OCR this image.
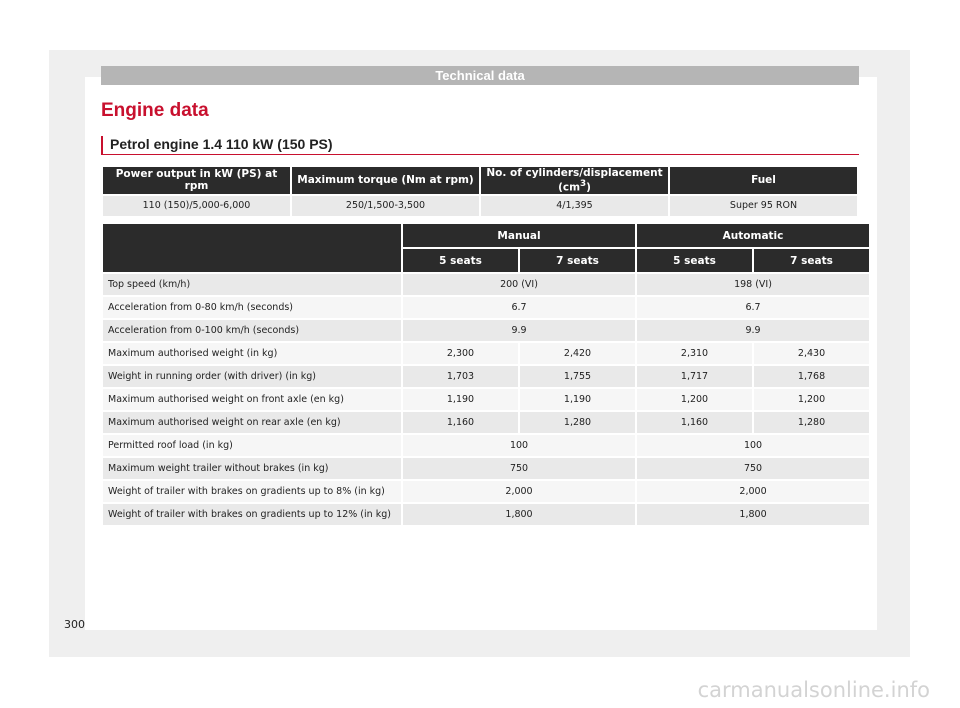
Technical data
Engine data
Petrol engine 1.4 110 kW (150 PS)
Power output in kW (PS) at rpm	Maximum torque (Nm at rpm)	No. of cylinders/displacement $(cm^3)$	Fuel
110 (150)/5,000-6,000	250/1,500-3,500	4/1,395	Super 95 RON
	Manual		Automatic	
	5 seats	7 seats	5 seats	7 seats
Top speed (km/h)	200 (VI)		198 (VI)	
Acceleration from 0-80 km/h (seconds)	6.7		6.7	
Acceleration from 0-100 km/h (seconds)	9.9		9.9	
Maximum authorised weight (in kg)	2,300	2,420	2,310	2,430
Weight in running order (with driver) (in kg)	1,703	1,755	1,717	1,768
Maximum authorised weight on front axle (en kg)	1,190	1,190	1,200	1,200
Maximum authorised weight on rear axle (en kg)	1,160	1,280	1,160	1,280
Permitted roof load (in kg)	100		100	
Maximum weight trailer without brakes (in kg)	750		750	
Weight of trailer with brakes on gradients up to 8% (in kg)	2,000		2,000	
Weight of trailer with brakes on gradients up to 12% (in kg)	1,800		1,800	
300
carmanualsonline.info
